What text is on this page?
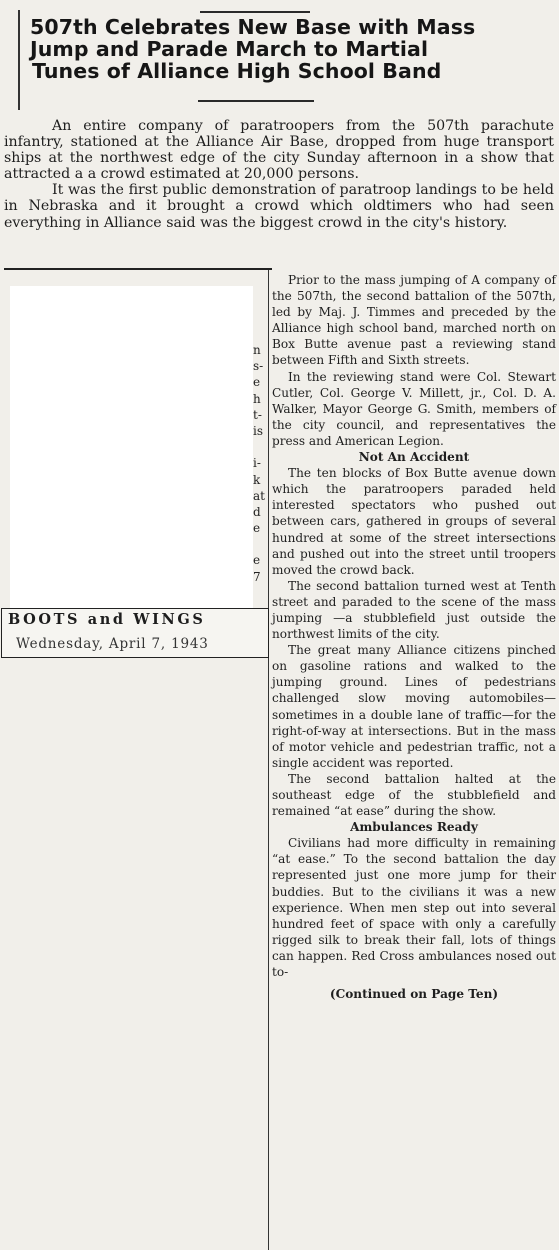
507th Celebrates New Base with Mass
Jump and Parade March to Martial
Tunes of Alliance High School Band

An entire company of paratroopers from the 507th parachute infantry, stationed at the Alliance Air Base, dropped from huge transport ships at the northwest edge of the city Sunday afternoon in a show that attracted a a crowd estimated at 20,000 persons.

It was the first public demonstration of paratroop landings to be held in Nebraska and it brought a crowd which oldtimers who had seen everything in Alliance said was the biggest crowd in the city's history.

n
s-
e
h
t-
is
i-
k
at
d
e
e
7
BOOTS and WINGS
Wednesday, April 7, 1943

Prior to the mass jumping of A company of the 507th, the second battalion of the 507th, led by Maj. J. Timmes and preceded by the Alliance high school band, marched north on Box Butte avenue past a reviewing stand between Fifth and Sixth streets.

In the reviewing stand were Col. Stewart Cutler, Col. George V. Millett, jr., Col. D. A. Walker, Mayor George G. Smith, members of the city council, and representatives the press and American Legion.

Not An Accident

The ten blocks of Box Butte avenue down which the paratroopers paraded held interested spectators who pushed out between cars, gathered in groups of several hundred at some of the street intersections and pushed out into the street until troopers moved the crowd back.

The second battalion turned west at Tenth street and paraded to the scene of the mass jumping —a stubblefield just outside the northwest limits of the city.

The great many Alliance citizens pinched on gasoline rations and walked to the jumping ground. Lines of pedestrians challenged slow moving automobiles—sometimes in a double lane of traffic—for the right-of-way at intersections. But in the mass of motor vehicle and pedestrian traffic, not a single accident was reported.

The second battalion halted at the southeast edge of the stubblefield and remained “at ease” during the show.

Ambulances Ready

Civilians had more difficulty in remaining “at ease.” To the second battalion the day represented just one more jump for their buddies. But to the civilians it was a new experience. When men step out into several hundred feet of space with only a carefully rigged silk to break their fall, lots of things can happen. Red Cross ambulances nosed out to-

(Continued on Page Ten)
